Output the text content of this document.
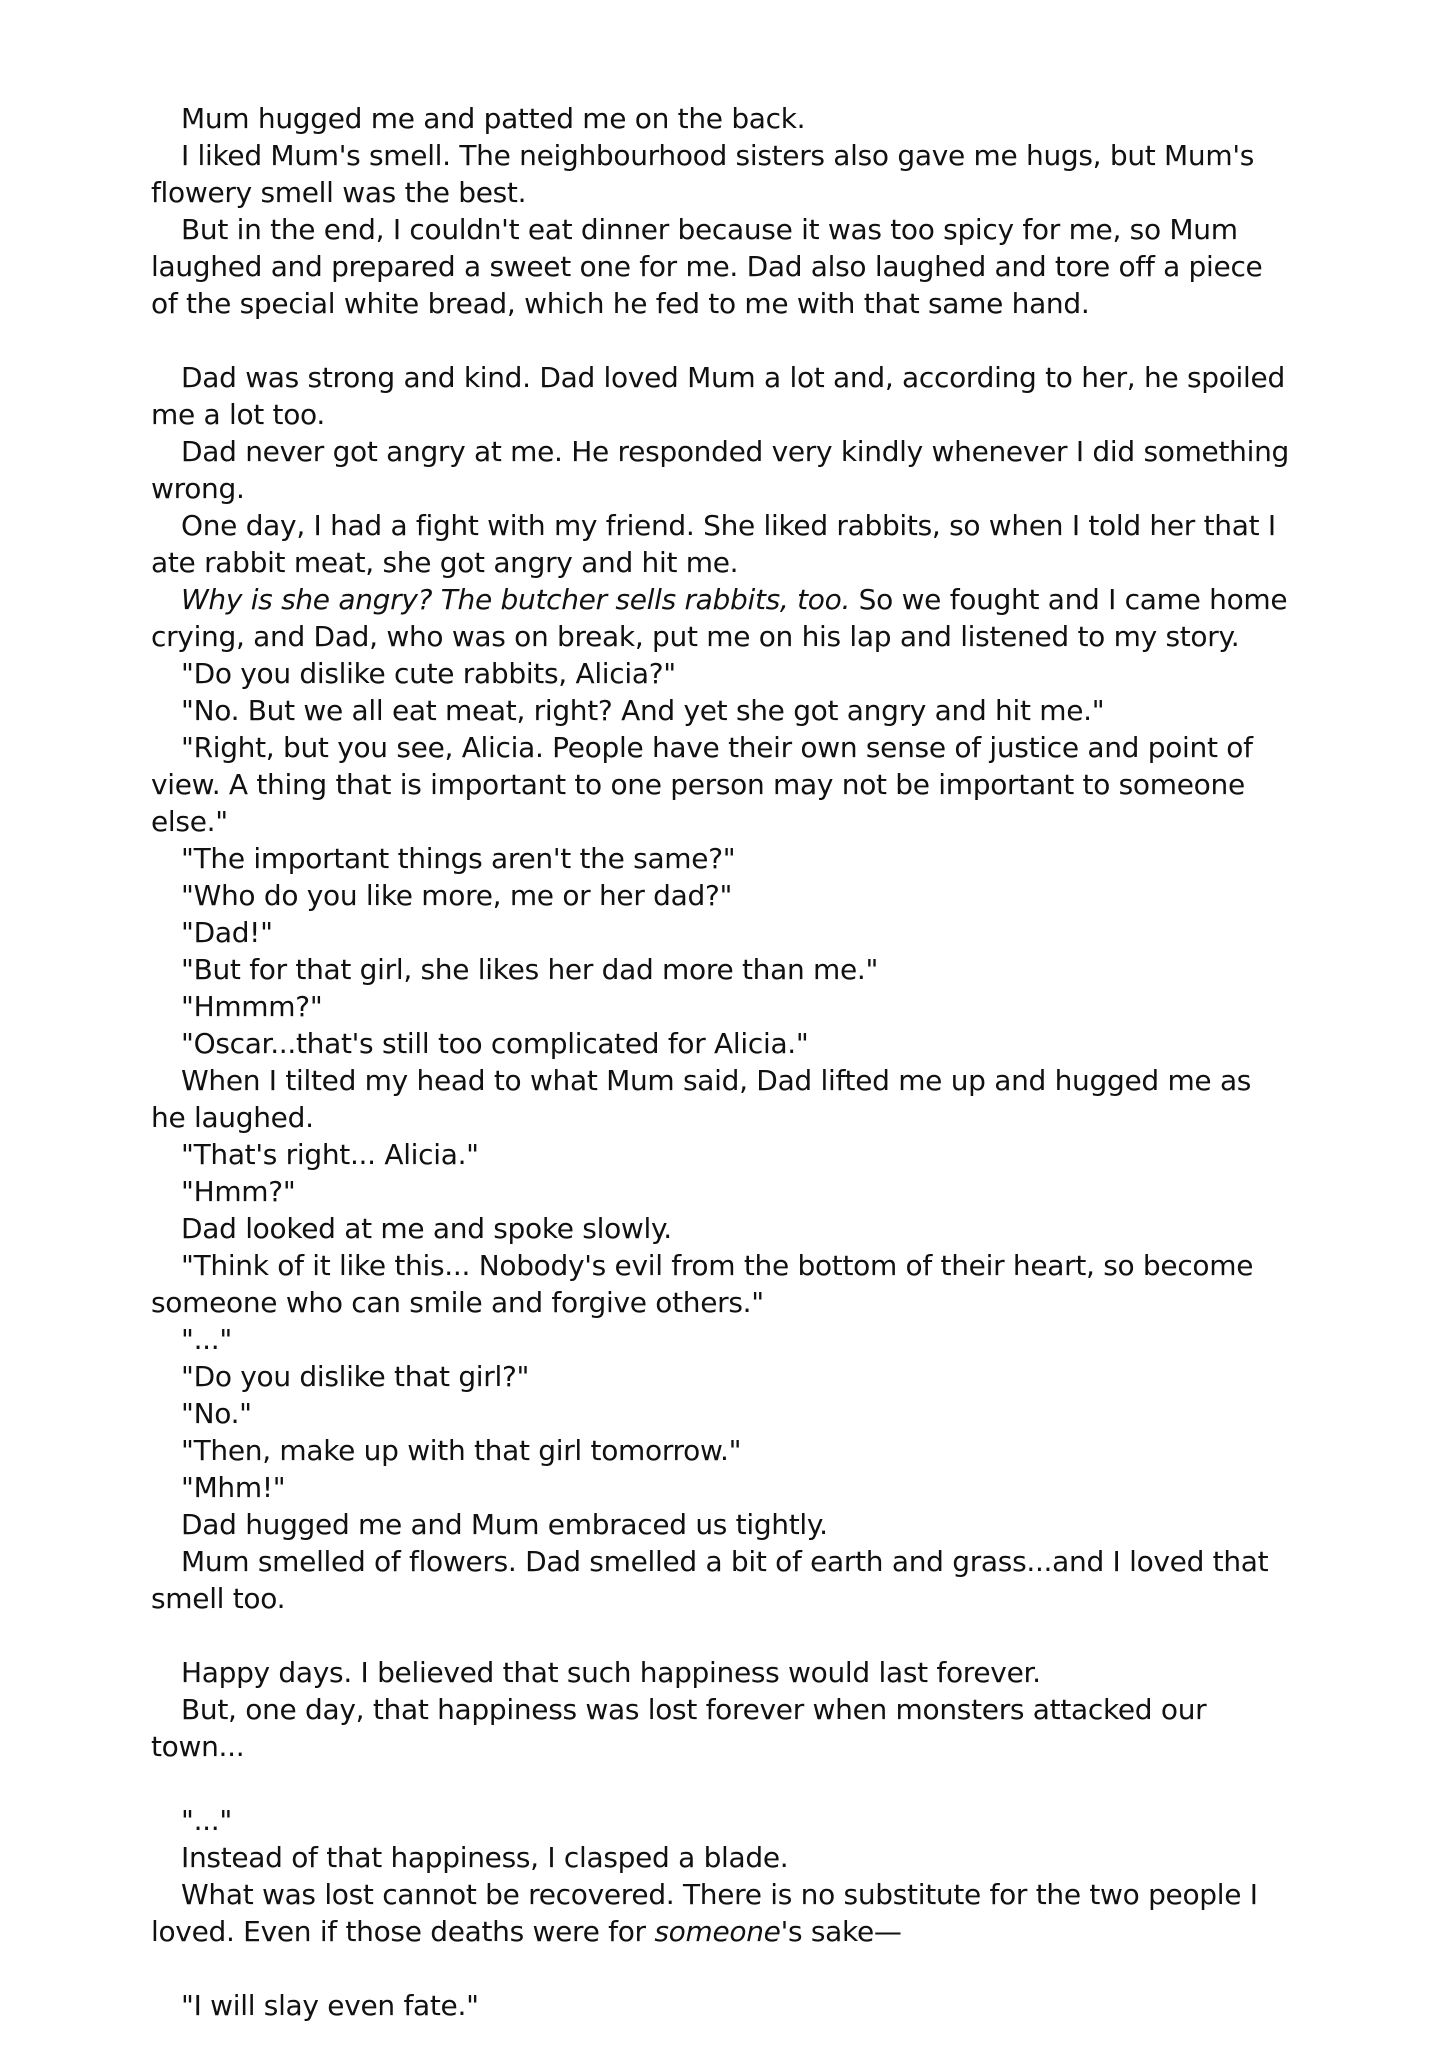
Mum hugged me and patted me on the back.

I liked Mum's smell. The neighbourhood sisters also gave me hugs, but Mum's flowery smell was the best.

But in the end, I couldn't eat dinner because it was too spicy for me, so Mum laughed and prepared a sweet one for me. Dad also laughed and tore off a piece of the special white bread, which he fed to me with that same hand.

Dad was strong and kind. Dad loved Mum a lot and, according to her, he spoiled me a lot too.

Dad never got angry at me. He responded very kindly whenever I did something wrong.

One day, I had a fight with my friend. She liked rabbits, so when I told her that I ate rabbit meat, she got angry and hit me.

Why is she angry? The butcher sells rabbits, too. So we fought and I came home crying, and Dad, who was on break, put me on his lap and listened to my story.

"Do you dislike cute rabbits, Alicia?"

"No. But we all eat meat, right? And yet she got angry and hit me."

"Right, but you see, Alicia. People have their own sense of justice and point of view. A thing that is important to one person may not be important to someone else."

"The important things aren't the same?"

"Who do you like more, me or her dad?"

"Dad!"

"But for that girl, she likes her dad more than me."

"Hmmm?"

"Oscar...that's still too complicated for Alicia."

When I tilted my head to what Mum said, Dad lifted me up and hugged me as he laughed.

"That's right... Alicia."

"Hmm?"

Dad looked at me and spoke slowly.

"Think of it like this... Nobody's evil from the bottom of their heart, so become someone who can smile and forgive others."

"..."

"Do you dislike that girl?"

"No."

"Then, make up with that girl tomorrow."

"Mhm!"

Dad hugged me and Mum embraced us tightly.

Mum smelled of flowers. Dad smelled a bit of earth and grass...and I loved that smell too.

Happy days. I believed that such happiness would last forever.

But, one day, that happiness was lost forever when monsters attacked our town...

"..."

Instead of that happiness, I clasped a blade.

What was lost cannot be recovered. There is no substitute for the two people I loved. Even if those deaths were for someone's sake—

"I will slay even fate."
